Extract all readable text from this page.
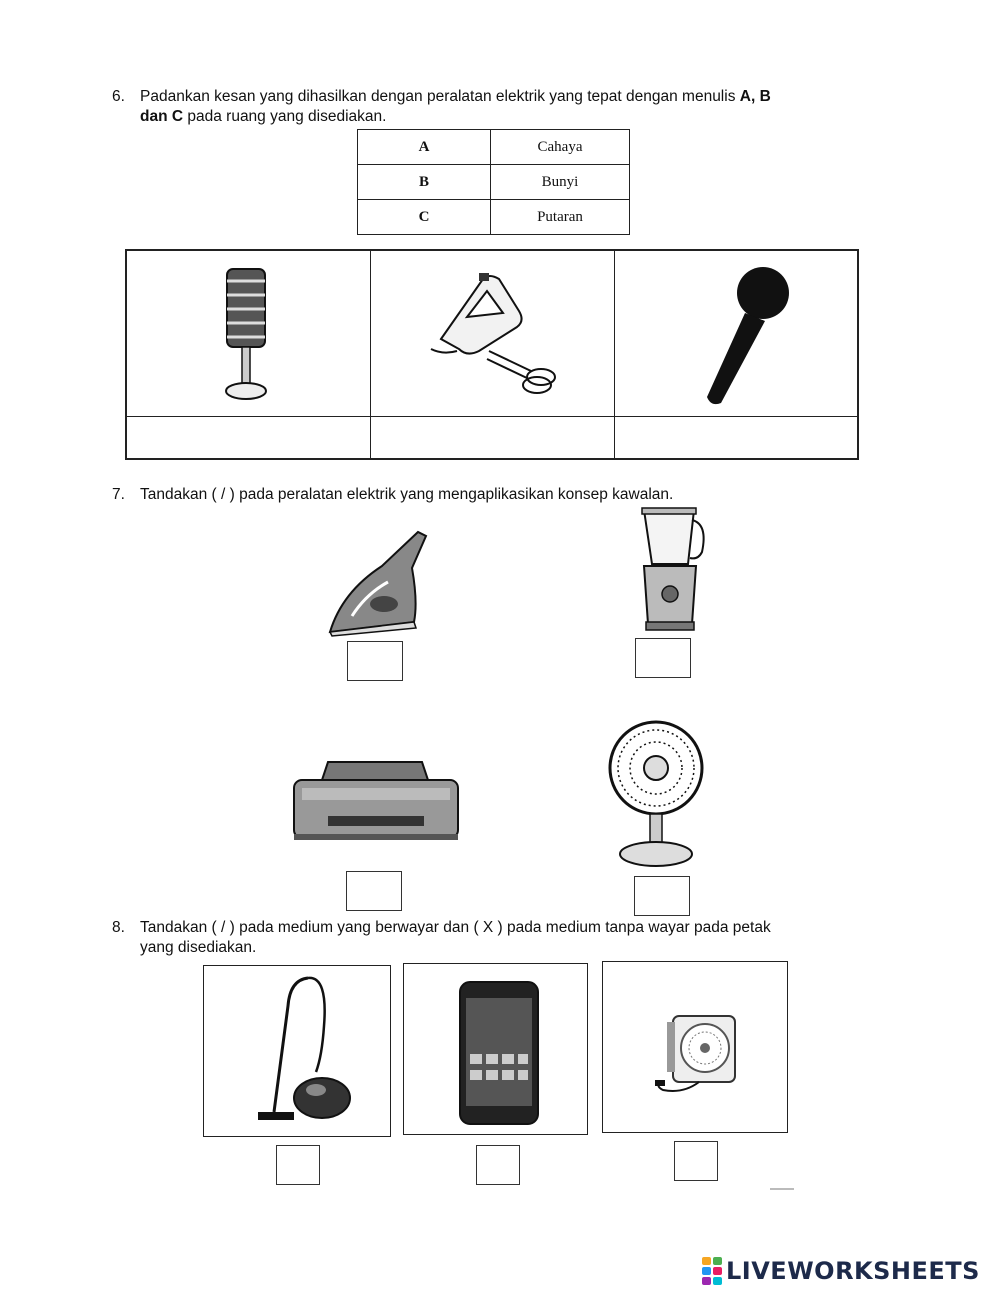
6. Padankan kesan yang dihasilkan dengan peralatan elektrik yang tepat dengan menulis A, B
dan C pada ruang yang disediakan.
A	Cahaya
B	Bunyi
C	Putaran
7. Tandakan ( / ) pada peralatan elektrik yang mengaplikasikan konsep kawalan.
8. Tandakan ( / ) pada medium yang berwayar dan ( X ) pada medium tanpa wayar pada petak
yang disediakan.
LIVEWORKSHEETS
